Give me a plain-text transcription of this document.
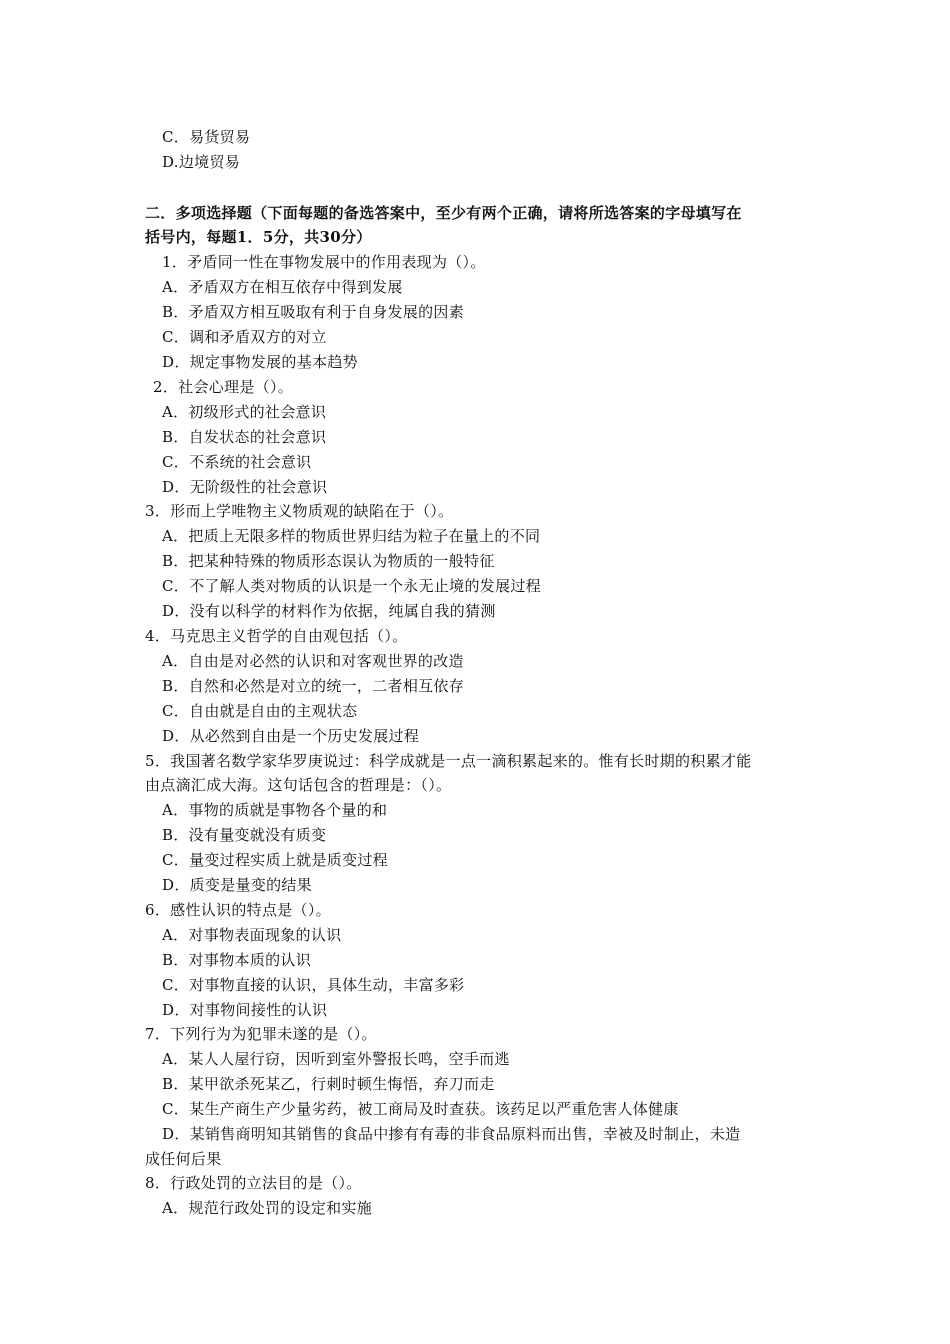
C．易货贸易
D.边境贸易
二．多项选择题（下面每题的备选答案中，至少有两个正确，请将所选答案的字母填写在
括号内，每题1．5分，共30分）
1．矛盾同一性在事物发展中的作用表现为（）。
A．矛盾双方在相互依存中得到发展
B．矛盾双方相互吸取有利于自身发展的因素
C．调和矛盾双方的对立
D．规定事物发展的基本趋势
2．社会心理是（）。
A．初级形式的社会意识
B．自发状态的社会意识
C．不系统的社会意识
D．无阶级性的社会意识
3．形而上学唯物主义物质观的缺陷在于（）。
A．把质上无限多样的物质世界归结为粒子在量上的不同
B．把某种特殊的物质形态误认为物质的一般特征
C．不了解人类对物质的认识是一个永无止境的发展过程
D．没有以科学的材料作为依据，纯属自我的猜测
4．马克思主义哲学的自由观包括（）。
A．自由是对必然的认识和对客观世界的改造
B．自然和必然是对立的统一，二者相互依存
C．自由就是自由的主观状态
D．从必然到自由是一个历史发展过程
5．我国著名数学家华罗庚说过：科学成就是一点一滴积累起来的。惟有长时期的积累才能
由点滴汇成大海。这句话包含的哲理是：（）。
A．事物的质就是事物各个量的和
B．没有量变就没有质变
C．量变过程实质上就是质变过程
D．质变是量变的结果
6．感性认识的特点是（）。
A．对事物表面现象的认识
B．对事物本质的认识
C．对事物直接的认识，具体生动，丰富多彩
D．对事物间接性的认识
7．下列行为为犯罪未遂的是（）。
A．某人人屋行窃，因听到室外警报长鸣，空手而逃
B．某甲欲杀死某乙，行刺时顿生悔悟，弃刀而走
C．某生产商生产少量劣药，被工商局及时查获。该药足以严重危害人体健康
D．某销售商明知其销售的食品中掺有有毒的非食品原料而出售，幸被及时制止，未造
成任何后果
8．行政处罚的立法目的是（）。
A．规范行政处罚的设定和实施
